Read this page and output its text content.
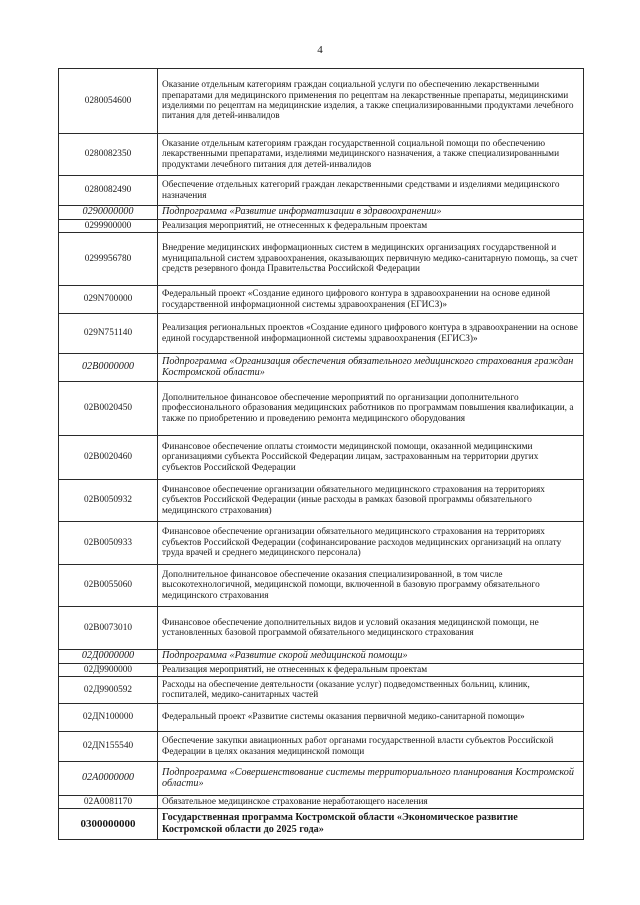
4
0280054600	Оказание отдельным категориям граждан социальной услуги по обеспечению лекарственными препаратами для медицинского применения по рецептам на лекарственные препараты, медицинскими изделиями по рецептам на медицинские изделия, а также специализированными продуктами лечебного питания для детей-инвалидов
0280082350	Оказание отдельным категориям граждан государственной социальной помощи по обеспечению лекарственными препаратами, изделиями медицинского назначения, а также специализированными продуктами лечебного питания для детей-инвалидов
0280082490	Обеспечение отдельных категорий граждан лекарственными средствами и изделиями медицинского назначения
0290000000	Подпрограмма «Развитие информатизации в здравоохранении»
0299900000	Реализация мероприятий, не отнесенных к федеральным проектам
0299956780	Внедрение медицинских информационных систем в медицинских организациях государственной и муниципальной систем здравоохранения, оказывающих первичную медико-санитарную помощь, за счет средств резервного фонда Правительства Российской Федерации
029N700000	Федеральный проект «Создание единого цифрового контура в здравоохранении на основе единой государственной информационной системы здравоохранения (ЕГИСЗ)»
029N751140	Реализация региональных проектов «Создание единого цифрового контура в здравоохранении на основе единой государственной информационной системы здравоохранения (ЕГИСЗ)»
02В0000000	Подпрограмма «Организация обеспечения обязательного медицинского страхования граждан Костромской области»
02В0020450	Дополнительное финансовое обеспечение мероприятий по организации дополнительного профессионального образования медицинских работников по программам повышения квалификации, а также по приобретению и проведению ремонта медицинского оборудования
02В0020460	Финансовое обеспечение оплаты стоимости медицинской помощи, оказанной медицинскими организациями субъекта Российской Федерации лицам, застрахованным на территории других субъектов Российской Федерации
02В0050932	Финансовое обеспечение организации обязательного медицинского страхования на территориях субъектов Российской Федерации (иные расходы в рамках базовой программы обязательного медицинского страхования)
02В0050933	Финансовое обеспечение организации обязательного медицинского страхования на территориях субъектов Российской Федерации (софинансирование расходов медицинских организаций на оплату труда врачей и среднего медицинского персонала)
02В0055060	Дополнительное финансовое обеспечение оказания специализированной, в том числе высокотехнологичной, медицинской помощи, включенной в базовую программу обязательного медицинского страхования
02В0073010	Финансовое обеспечение дополнительных видов и условий оказания медицинской помощи, не установленных базовой программой обязательного медицинского страхования
02Д0000000	Подпрограмма «Развитие скорой медицинской помощи»
02Д9900000	Реализация мероприятий, не отнесенных к федеральным проектам
02Д9900592	Расходы на обеспечение деятельности (оказание услуг) подведомственных больниц, клиник, госпиталей, медико-санитарных частей
02ДN100000	Федеральный проект «Развитие системы оказания первичной медико-санитарной помощи»
02ДN155540	Обеспечение закупки авиационных работ органами государственной власти субъектов Российской Федерации в целях оказания медицинской помощи
02А0000000	Подпрограмма «Совершенствование системы территориального планирования Костромской области»
02А0081170	Обязательное медицинское страхование неработающего населения
0300000000	Государственная программа Костромской области «Экономическое развитие Костромской области до 2025 года»
